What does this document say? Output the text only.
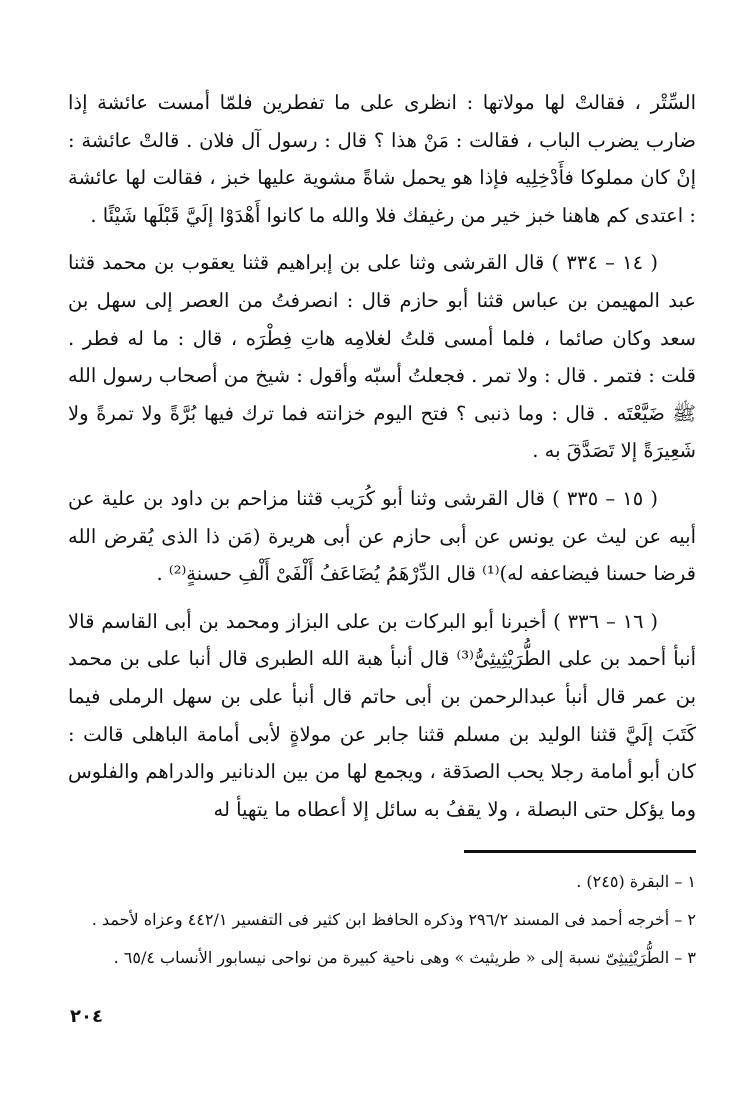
السِّتْر ، فقالتْ لها مولاتها : انظرى على ما تفطرين فلمّا أمست عائشة إذا ضارب يضرب الباب ، فقالت : مَنْ هذا ؟ قال : رسول آل فلان . قالتْ عائشة : إنْ كان مملوكا فأَدْخِلِيه فإذا هو يحمل شاةً مشوية عليها خبز ، فقالت لها عائشة : اعتدى كم هاهنا خبز خير من رغيفك فلا والله ما كانوا أَهْدَوْا إلَيَّ قَبْلَها شَيْئًا .

( ١٤ – ٣٣٤ ) قال القرشى وثنا على بن إبراهيم قثنا يعقوب بن محمد قثنا عبد المهيمن بن عباس قثنا أبو حازم قال : انصرفتُ من العصر إلى سهل بن سعد وكان صائما ، فلما أمسى قلتُ لغلامِه هاتِ فِطْرَه ، قال : ما له فطر . قلت : فتمر . قال : ولا تمر . فجعلتُ أسبّه وأقول : شيخ من أصحاب رسول الله ﷺ ضَيَّعْتَه . قال : وما ذنبى ؟ فتح اليوم خزانته فما ترك فيها بُرَّةً ولا تمرةً ولا شَعِيرَةً إلا تَصَدَّقَ به .

( ١٥ – ٣٣٥ ) قال القرشى وثنا أبو كُرَيب قثنا مزاحم بن داود بن علية عن أبيه عن ليث عن يونس عن أبى حازم عن أبى هريرة (مَن ذا الذى يُقرض الله قرضا حسنا فيضاعفه له)⁽¹⁾ قال الدِّرْهَمُ يُضَاعَفُ أَلْفَىْ أَلْفِ حسنةٍ⁽²⁾ .

( ١٦ – ٣٣٦ ) أخبرنا أبو البركات بن على البزاز ومحمد بن أبى القاسم قالا أنبأ أحمد بن على الطُّرَيْثِيثِىُّ⁽³⁾ قال أنبأ هبة الله الطبرى قال أنبا على بن محمد بن عمر قال أنبأ عبدالرحمن بن أبى حاتم قال أنبأ على بن سهل الرملى فيما كَتَبَ إلَيَّ قثنا الوليد بن مسلم قثنا جابر عن مولاةٍ لأبى أمامة الباهلى قالت : كان أبو أمامة رجلا يحب الصدَقة ، ويجمع لها من بين الدنانير والدراهم والفلوس وما يؤكل حتى البصلة ، ولا يقفُ به سائل إلا أعطاه ما يتهيأ له

١ – البقرة (٢٤٥) .

٢ – أخرجه أحمد فى المسند ٢٩٦/٢ وذكره الحافظ ابن كثير فى التفسير ٤٤٢/١ وعزاه لأحمد .

٣ – الطُّرَيْثِيثِىّ نسبة إلى « طريثيث » وهى ناحية كبيرة من نواحى نيسابور الأنساب ٦٥/٤ .

٢٠٤
